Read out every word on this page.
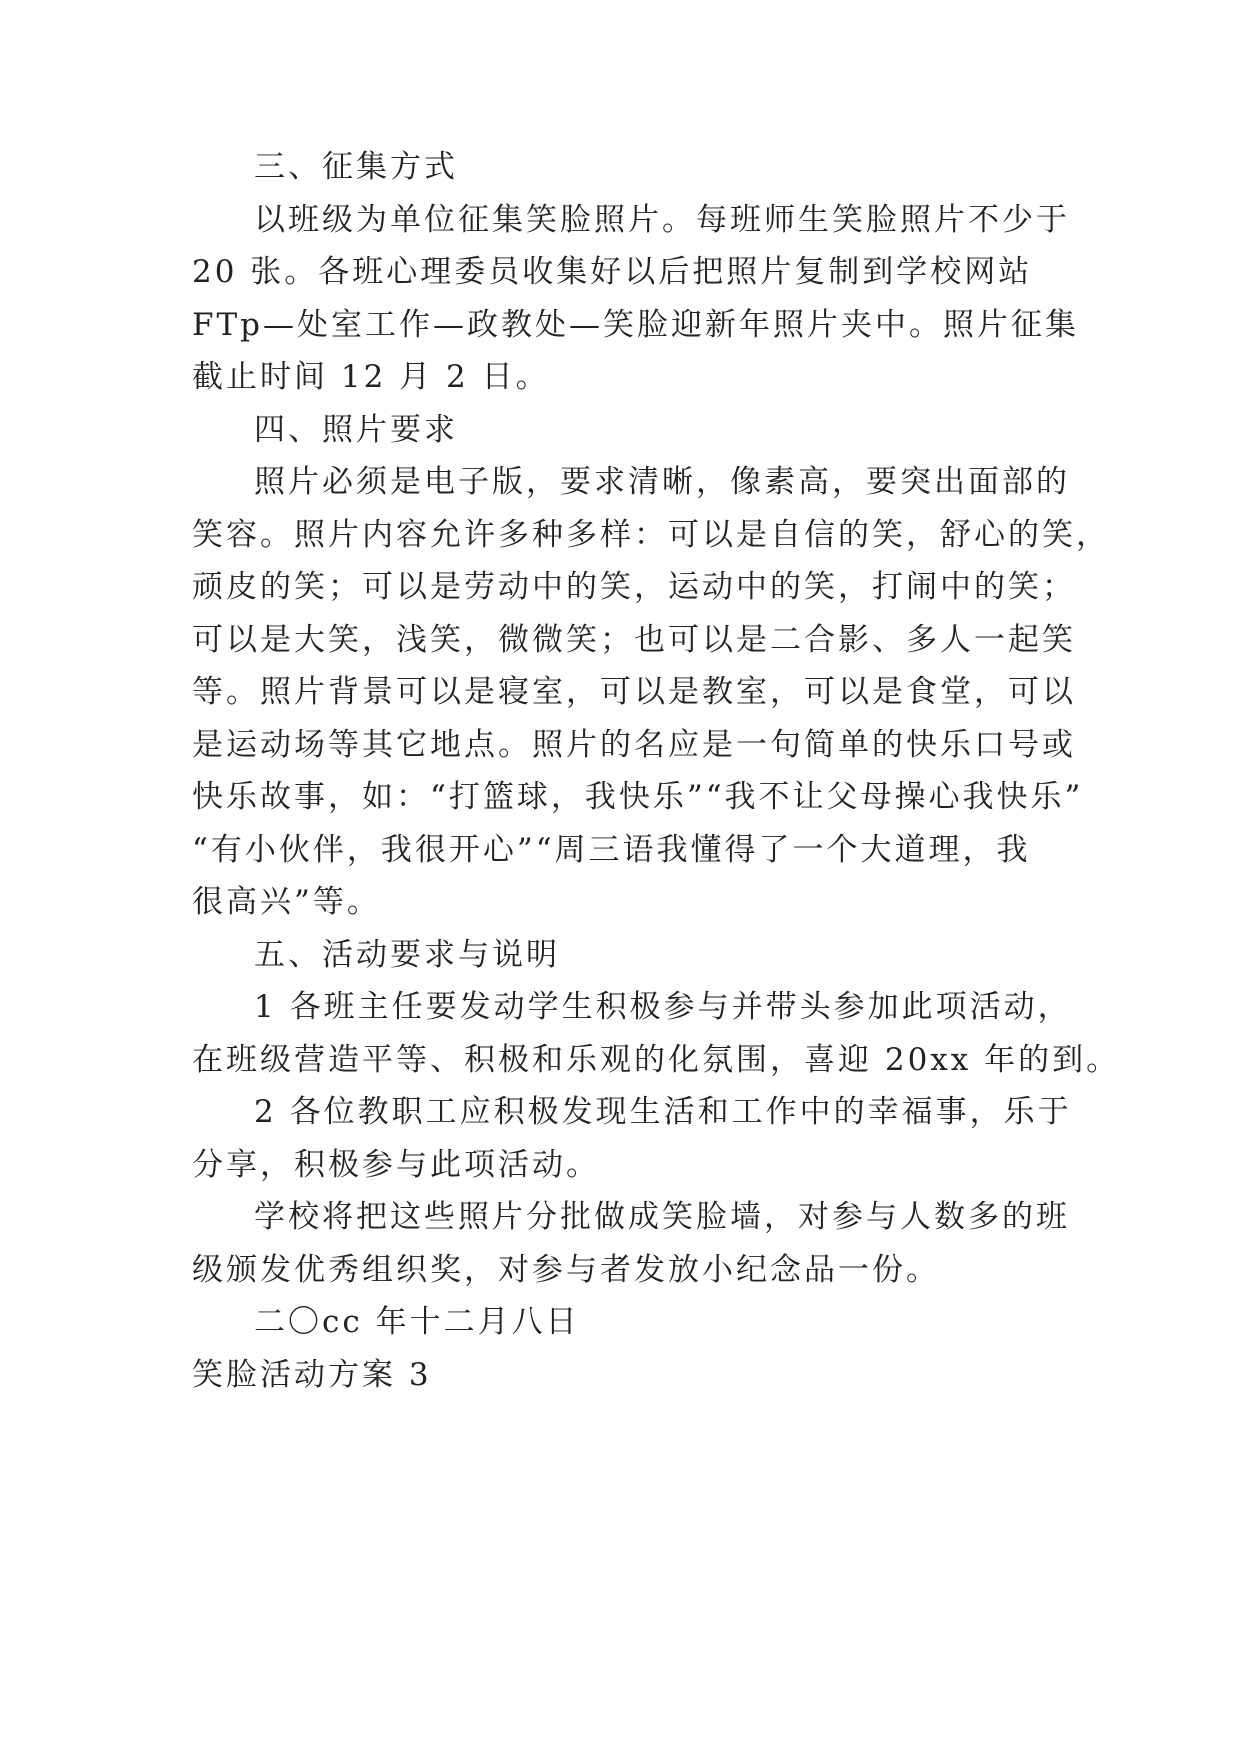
三、征集方式
以班级为单位征集笑脸照片。每班师生笑脸照片不少于
20 张。各班心理委员收集好以后把照片复制到学校网站
FTp—处室工作—政教处—笑脸迎新年照片夹中。照片征集
截止时间 12 月 2 日。
四、照片要求
照片必须是电子版，要求清晰，像素高，要突出面部的
笑容。照片内容允许多种多样：可以是自信的笑，舒心的笑，
顽皮的笑；可以是劳动中的笑，运动中的笑，打闹中的笑；
可以是大笑，浅笑，微微笑；也可以是二合影、多人一起笑
等。照片背景可以是寝室，可以是教室，可以是食堂，可以
是运动场等其它地点。照片的名应是一句简单的快乐口号或
快乐故事，如：“打篮球，我快乐”“我不让父母操心我快乐”
“有小伙伴，我很开心”“周三语我懂得了一个大道理，我
很高兴”等。
五、活动要求与说明
1 各班主任要发动学生积极参与并带头参加此项活动，
在班级营造平等、积极和乐观的化氛围，喜迎 20xx 年的到。
2 各位教职工应积极发现生活和工作中的幸福事，乐于
分享，积极参与此项活动。
学校将把这些照片分批做成笑脸墙，对参与人数多的班
级颁发优秀组织奖，对参与者发放小纪念品一份。
二〇cc 年十二月八日
笑脸活动方案 3
